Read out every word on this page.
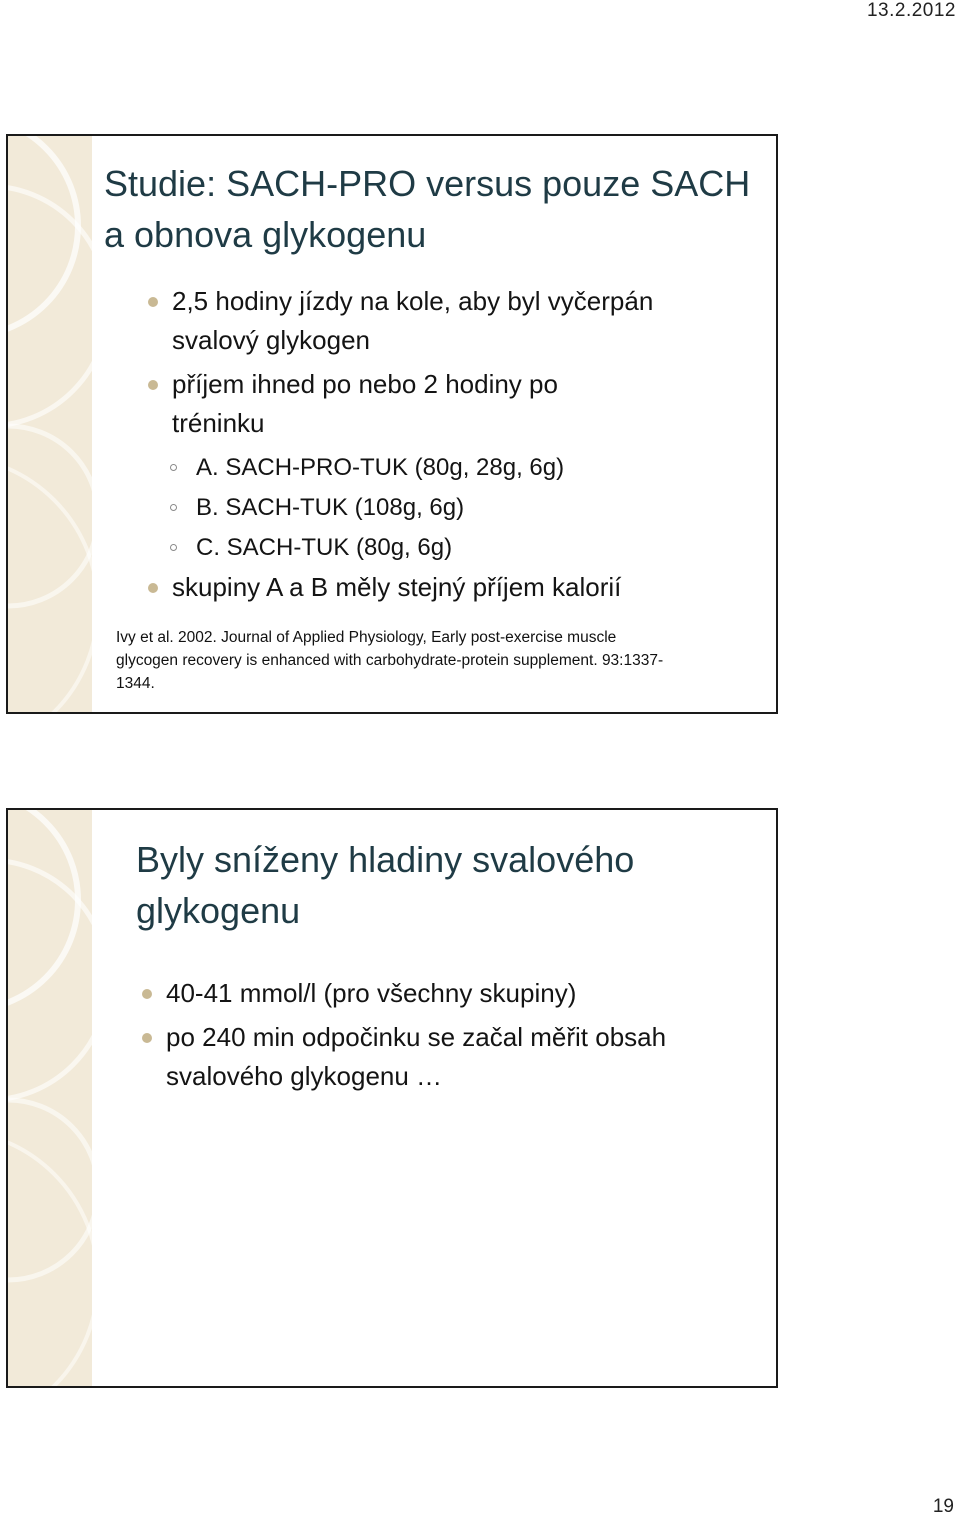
13.2.2012
Studie: SACH-PRO versus pouze SACH
a obnova glykogenu
2,5 hodiny jízdy na kole, aby byl vyčerpán
svalový glykogen
příjem ihned po nebo 2 hodiny po
tréninku
A. SACH-PRO-TUK (80g, 28g, 6g)
B. SACH-TUK (108g, 6g)
C. SACH-TUK (80g, 6g)
skupiny A a B měly stejný příjem kalorií
Ivy et al. 2002. Journal of Applied Physiology, Early post-exercise muscle
glycogen recovery is enhanced with carbohydrate-protein supplement. 93:1337-
1344.
Byly sníženy hladiny svalového
glykogenu
40-41 mmol/l (pro všechny skupiny)
po 240 min odpočinku se začal měřit obsah
svalového glykogenu …
19
